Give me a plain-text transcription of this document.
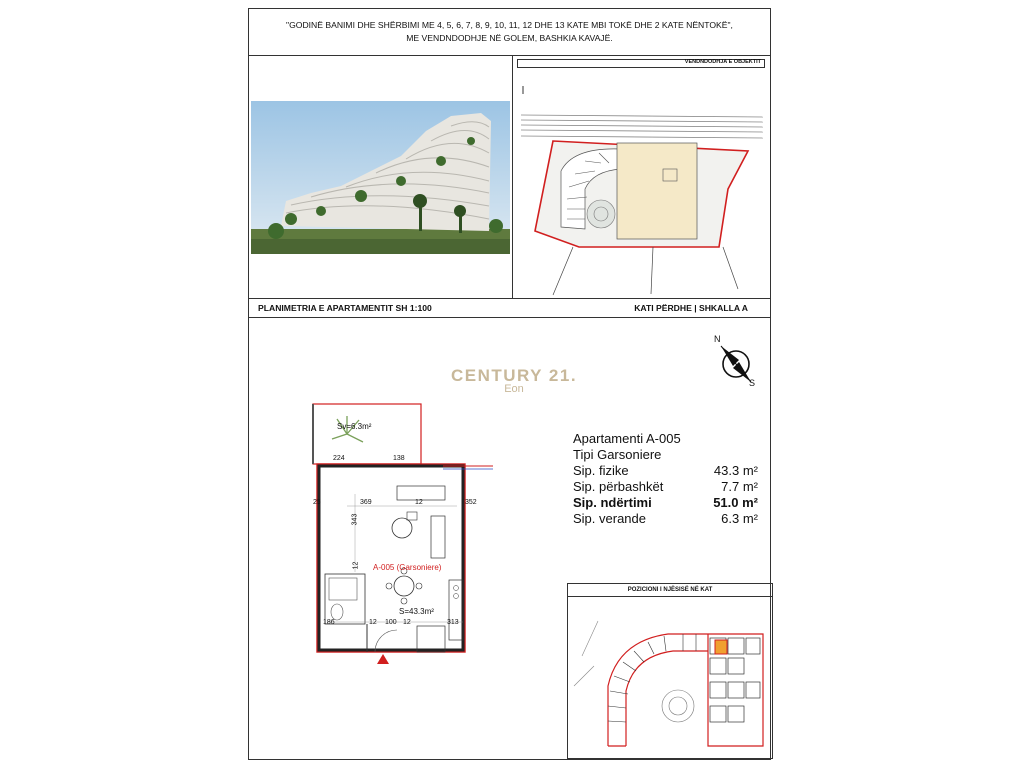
"GODINË BANIMI DHE SHËRBIMI ME 4, 5, 6, 7, 8, 9, 10, 11, 12 DHE 13 KATE MBI TOKË DHE 2 KATE NËNTOKË",
ME VENDNDODHJE NË GOLEM, BASHKIA KAVAJË.
VENDNDODHJA E OBJEKTIT
PLANIMETRIA E APARTAMENTIT SH 1:100	KATI PËRDHE | SHKALLA A
N
S
CENTURY 21.
Eon
Sv=6.3m²
224	138
369	12	352
343
12
25
A-005 (Garsoniere)
S=43.3m²
186	12 100 12	313
Apartamenti A-005
Tipi Garsoniere
Sip. fizike	43.3 m²
Sip. përbashkët	7.7 m²
Sip. ndërtimi	51.0 m²
Sip. verande	6.3 m²
POZICIONI I NJËSISË NË KAT
